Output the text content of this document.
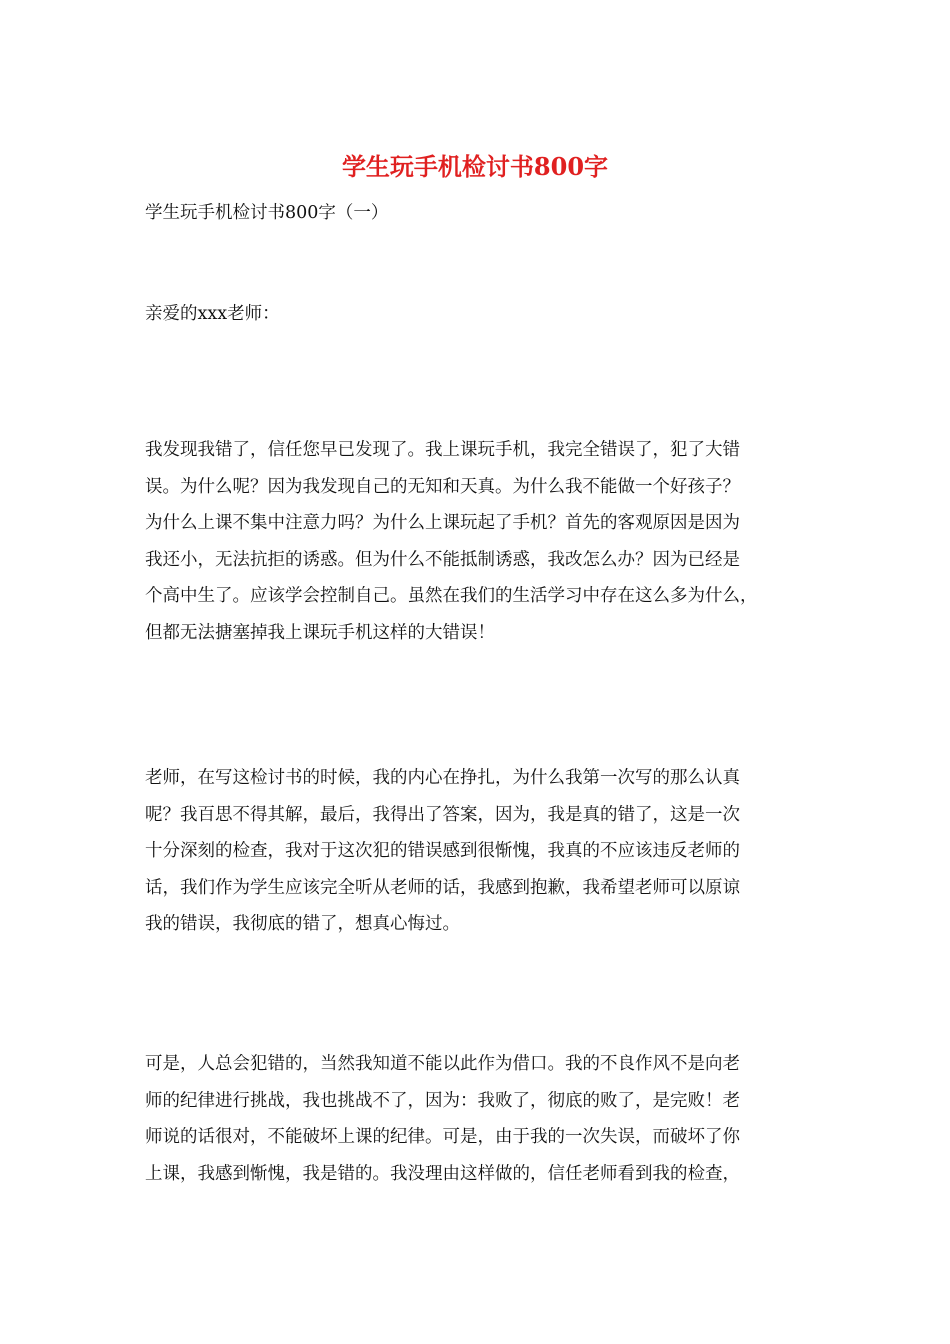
学生玩手机检讨书800字

学生玩手机检讨书800字（一）

亲爱的xxx老师：

我发现我错了，信任您早已发现了。我上课玩手机，我完全错误了，犯了大错
误。为什么呢？因为我发现自己的无知和天真。为什么我不能做一个好孩子？
为什么上课不集中注意力吗？为什么上课玩起了手机？首先的客观原因是因为
我还小，无法抗拒的诱惑。但为什么不能抵制诱惑，我改怎么办？因为已经是
个高中生了。应该学会控制自己。虽然在我们的生活学习中存在这么多为什么，
但都无法搪塞掉我上课玩手机这样的大错误！

老师，在写这检讨书的时候，我的内心在挣扎，为什么我第一次写的那么认真
呢？我百思不得其解，最后，我得出了答案，因为，我是真的错了，这是一次
十分深刻的检查，我对于这次犯的错误感到很惭愧，我真的不应该违反老师的
话，我们作为学生应该完全听从老师的话，我感到抱歉，我希望老师可以原谅
我的错误，我彻底的错了，想真心悔过。

可是，人总会犯错的，当然我知道不能以此作为借口。我的不良作风不是向老
师的纪律进行挑战，我也挑战不了，因为：我败了，彻底的败了，是完败！老
师说的话很对，不能破坏上课的纪律。可是，由于我的一次失误，而破坏了你
上课，我感到惭愧，我是错的。我没理由这样做的，信任老师看到我的检查，
